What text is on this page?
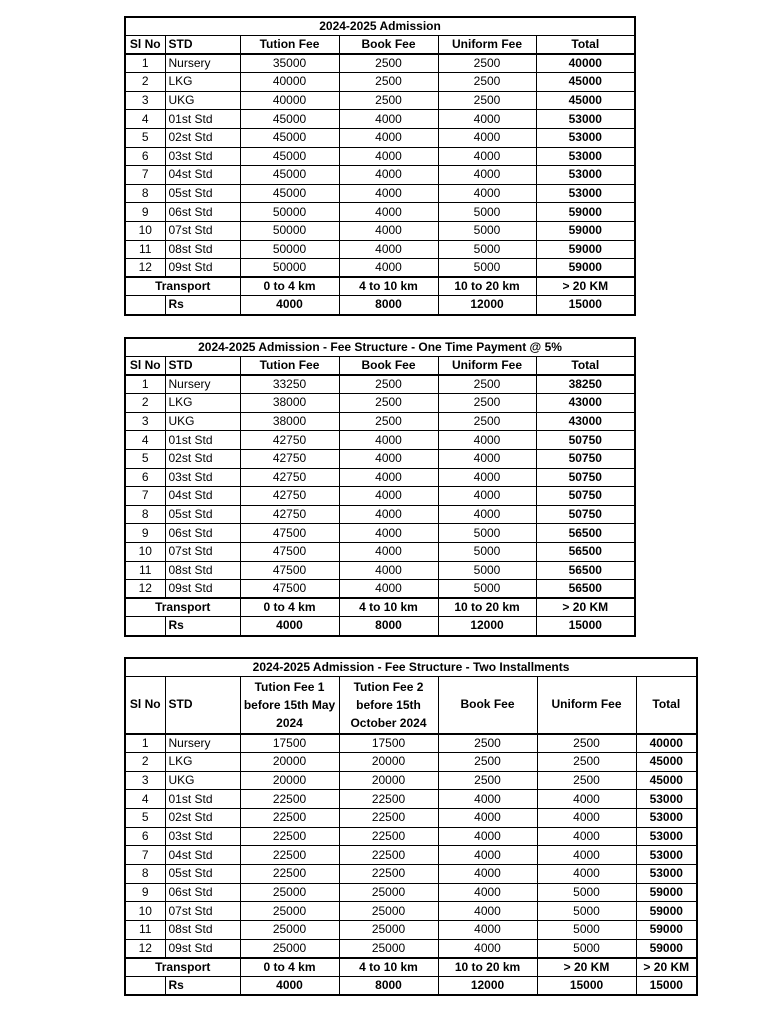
2024-2025 Admission					
Sl No	STD	Tution Fee	Book Fee	Uniform Fee	Total
1	Nursery	35000	2500	2500	40000
2	LKG	40000	2500	2500	45000
3	UKG	40000	2500	2500	45000
4	01st Std	45000	4000	4000	53000
5	02st Std	45000	4000	4000	53000
6	03st Std	45000	4000	4000	53000
7	04st Std	45000	4000	4000	53000
8	05st Std	45000	4000	4000	53000
9	06st Std	50000	4000	5000	59000
10	07st Std	50000	4000	5000	59000
11	08st Std	50000	4000	5000	59000
12	09st Std	50000	4000	5000	59000
Transport		0 to 4 km	4 to 10 km	10 to 20 km	> 20 KM
	Rs	4000	8000	12000	15000
2024-2025 Admission - Fee Structure - One Time Payment @ 5%					
Sl No	STD	Tution Fee	Book Fee	Uniform Fee	Total
1	Nursery	33250	2500	2500	38250
2	LKG	38000	2500	2500	43000
3	UKG	38000	2500	2500	43000
4	01st Std	42750	4000	4000	50750
5	02st Std	42750	4000	4000	50750
6	03st Std	42750	4000	4000	50750
7	04st Std	42750	4000	4000	50750
8	05st Std	42750	4000	4000	50750
9	06st Std	47500	4000	5000	56500
10	07st Std	47500	4000	5000	56500
11	08st Std	47500	4000	5000	56500
12	09st Std	47500	4000	5000	56500
Transport		0 to 4 km	4 to 10 km	10 to 20 km	> 20 KM
	Rs	4000	8000	12000	15000
2024-2025 Admission - Fee Structure - Two Installments						
Sl No	STD	Tution Fee 1 before 15th May 2024	Tution Fee 2 before 15th October 2024	Book Fee	Uniform Fee	Total
1	Nursery	17500	17500	2500	2500	40000
2	LKG	20000	20000	2500	2500	45000
3	UKG	20000	20000	2500	2500	45000
4	01st Std	22500	22500	4000	4000	53000
5	02st Std	22500	22500	4000	4000	53000
6	03st Std	22500	22500	4000	4000	53000
7	04st Std	22500	22500	4000	4000	53000
8	05st Std	22500	22500	4000	4000	53000
9	06st Std	25000	25000	4000	5000	59000
10	07st Std	25000	25000	4000	5000	59000
11	08st Std	25000	25000	4000	5000	59000
12	09st Std	25000	25000	4000	5000	59000
Transport		0 to 4 km	4 to 10 km	10 to 20 km	> 20 KM	> 20 KM
	Rs	4000	8000	12000	15000	15000
